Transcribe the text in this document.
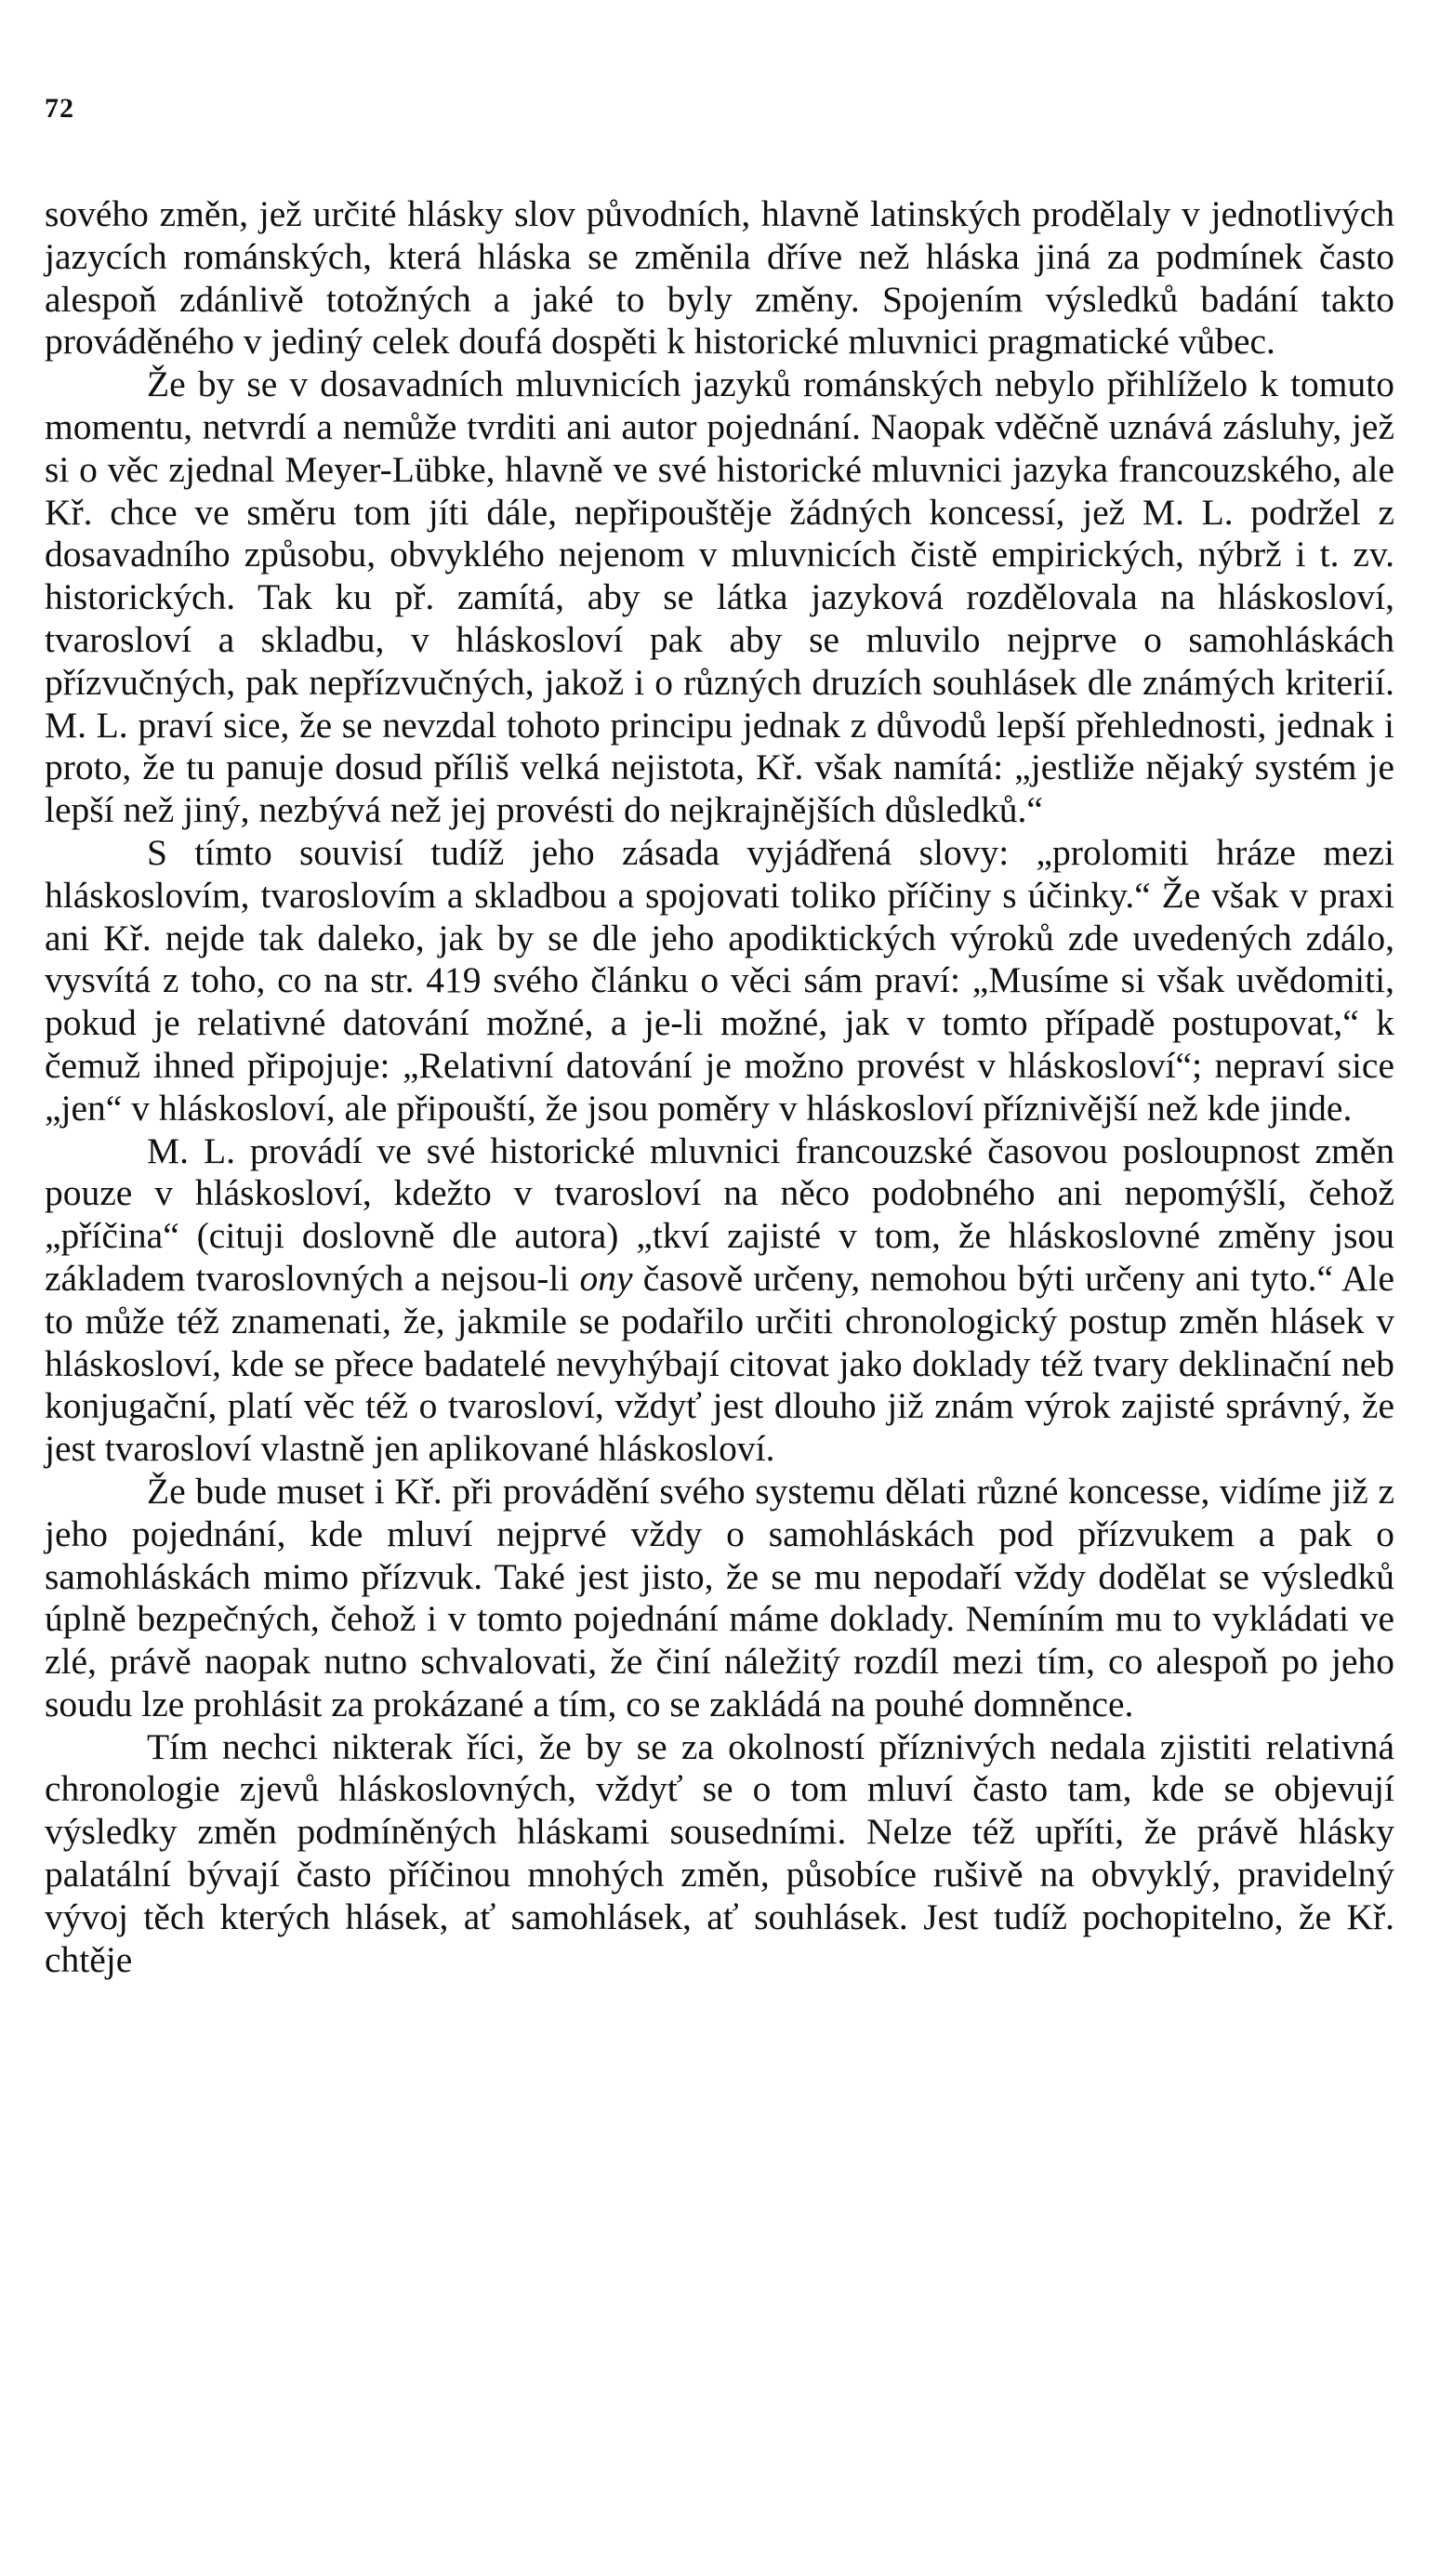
72

sového změn, jež určité hlásky slov původních, hlavně latinských prodělaly v jednotlivých jazycích románských, která hláska se změnila dříve než hláska jiná za podmínek často alespoň zdánlivě totožných a jaké to byly změny. Spojením výsledků badání takto prováděného v jediný celek doufá dospěti k historické mluvnici pragmatické vůbec.

Že by se v dosavadních mluvnicích jazyků románských nebylo přihlíželo k tomuto momentu, netvrdí a nemůže tvrditi ani autor pojednání. Naopak vděčně uznává zásluhy, jež si o věc zjednal Meyer-Lübke, hlavně ve své historické mluvnici jazyka francouzského, ale Kř. chce ve směru tom jíti dále, nepřipouštěje žádných koncessí, jež M. L. podržel z dosavadního způsobu, obvyklého nejenom v mluvnicích čistě empirických, nýbrž i t. zv. historických. Tak ku př. zamítá, aby se látka jazyková rozdělovala na hláskosloví, tvarosloví a skladbu, v hláskosloví pak aby se mluvilo nejprve o samohláskách přízvučných, pak nepřízvučných, jakož i o různých druzích souhlásek dle známých kriterií. M. L. praví sice, že se nevzdal tohoto principu jednak z důvodů lepší přehlednosti, jednak i proto, že tu panuje dosud příliš velká nejistota, Kř. však namítá: „jestliže nějaký systém je lepší než jiný, nezbývá než jej provésti do nejkrajnějších důsledků.“

S tímto souvisí tudíž jeho zásada vyjádřená slovy: „prolomiti hráze mezi hláskoslovím, tvaroslovím a skladbou a spojovati toliko příčiny s účinky.“ Že však v praxi ani Kř. nejde tak daleko, jak by se dle jeho apodiktických výroků zde uvedených zdálo, vysvítá z toho, co na str. 419 svého článku o věci sám praví: „Musíme si však uvědomiti, pokud je relativné datování možné, a je-li možné, jak v tomto případě postupovat,“ k čemuž ihned připojuje: „Relativní datování je možno provést v hláskosloví“; nepraví sice „jen“ v hláskosloví, ale připouští, že jsou poměry v hláskosloví příznivější než kde jinde.

M. L. provádí ve své historické mluvnici francouzské časovou posloupnost změn pouze v hláskosloví, kdežto v tvarosloví na něco podobného ani nepomýšlí, čehož „příčina“ (cituji doslovně dle autora) „tkví zajisté v tom, že hláskoslovné změny jsou základem tvaroslovných a nejsou-li ony časově určeny, nemohou býti určeny ani tyto.“ Ale to může též znamenati, že, jakmile se podařilo určiti chronologický postup změn hlásek v hláskosloví, kde se přece badatelé nevyhýbají citovat jako doklady též tvary deklinační neb konjugační, platí věc též o tvarosloví, vždyť jest dlouho již znám výrok zajisté správný, že jest tvarosloví vlastně jen aplikované hláskosloví.

Že bude muset i Kř. při provádění svého systemu dělati různé koncesse, vidíme již z jeho pojednání, kde mluví nejprvé vždy o samohláskách pod přízvukem a pak o samohláskách mimo přízvuk. Také jest jisto, že se mu nepodaří vždy dodělat se výsledků úplně bezpečných, čehož i v tomto pojednání máme doklady. Nemíním mu to vykládati ve zlé, právě naopak nutno schvalovati, že činí náležitý rozdíl mezi tím, co alespoň po jeho soudu lze prohlásit za prokázané a tím, co se zakládá na pouhé domněnce.

Tím nechci nikterak říci, že by se za okolností příznivých nedala zjistiti relativná chronologie zjevů hláskoslovných, vždyť se o tom mluví často tam, kde se objevují výsledky změn podmíněných hláskami sousedními. Nelze též upříti, že právě hlásky palatální bývají často příčinou mnohých změn, působíce rušivě na obvyklý, pravidelný vývoj těch kterých hlásek, ať samohlásek, ať souhlásek. Jest tudíž pochopitelno, že Kř. chtěje
